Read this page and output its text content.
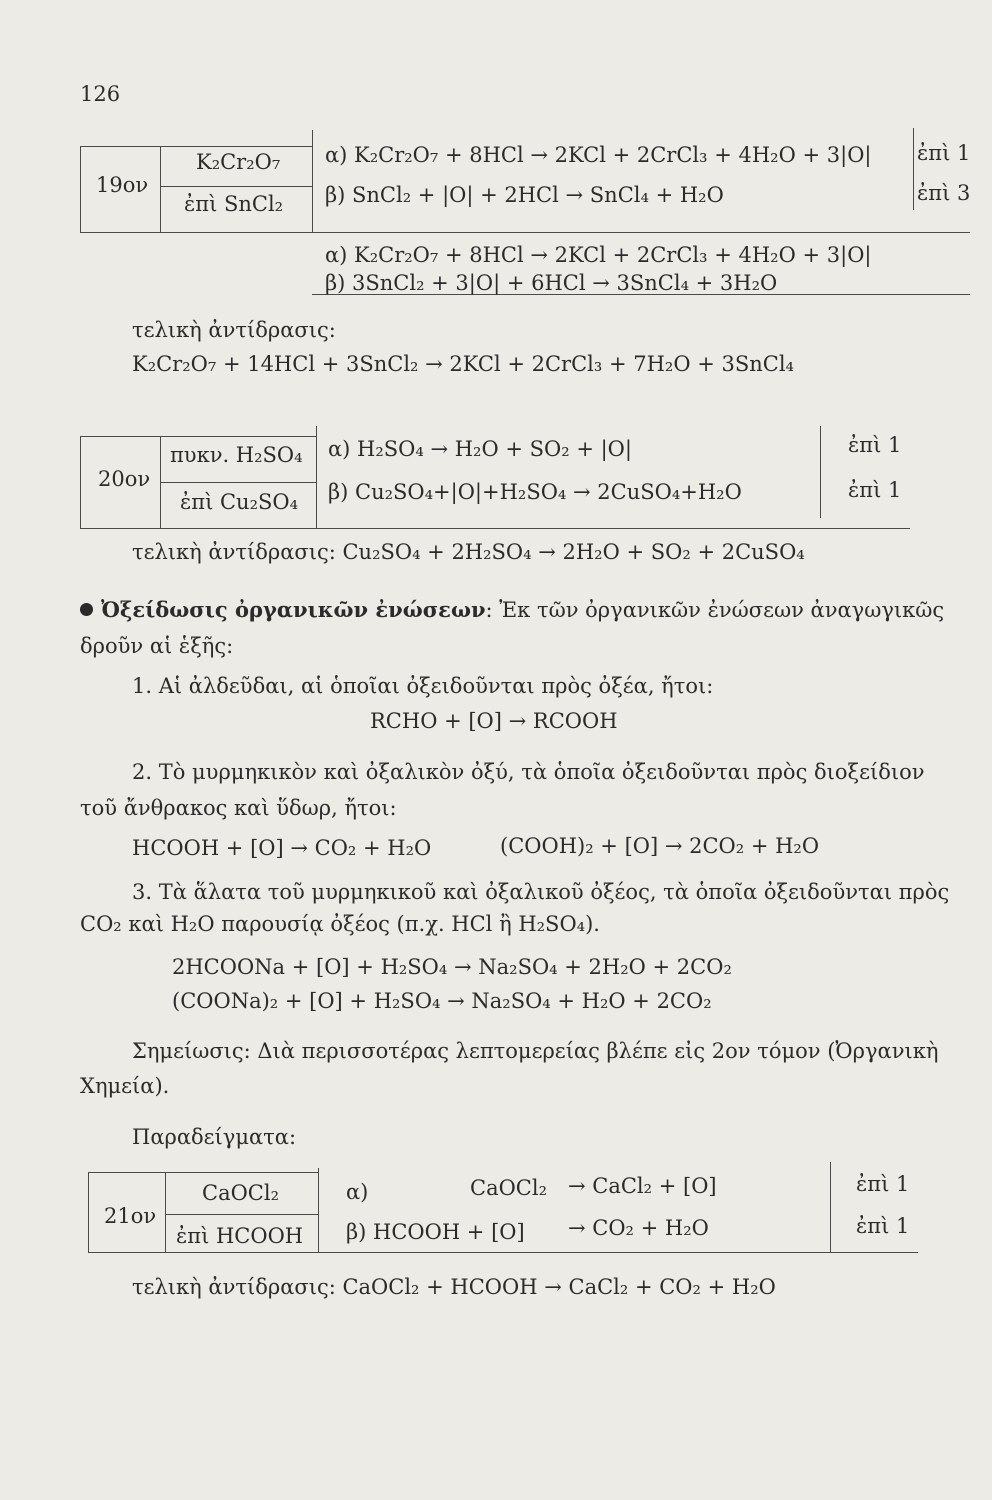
126
19ον
K₂Cr₂O₇
ἐπὶ SnCl₂
α) K₂Cr₂O₇ + 8HCl → 2KCl + 2CrCl₃ + 4H₂O + 3|O|
β) SnCl₂ + |O| + 2HCl → SnCl₄ + H₂O
ἐπὶ 1
ἐπὶ 3
α) K₂Cr₂O₇ + 8HCl → 2KCl + 2CrCl₃ + 4H₂O + 3|O|
β) 3SnCl₂ + 3|O| + 6HCl → 3SnCl₄ + 3H₂O
τελικὴ ἀντίδρασις:
K₂Cr₂O₇ + 14HCl + 3SnCl₂ → 2KCl + 2CrCl₃ + 7H₂O + 3SnCl₄
20ον
πυκν. H₂SO₄
ἐπὶ Cu₂SO₄
α) H₂SO₄ → H₂O + SO₂ + |O|
β) Cu₂SO₄+|O|+H₂SO₄ → 2CuSO₄+H₂O
ἐπὶ 1
ἐπὶ 1
τελικὴ ἀντίδρασις: Cu₂SO₄ + 2H₂SO₄ → 2H₂O + SO₂ + 2CuSO₄
Ὀξείδωσις ὀργανικῶν ἐνώσεων: Ἐκ τῶν ὀργανικῶν ἐνώσεων ἀναγωγικῶς
δροῦν αἱ ἑξῆς:
1. Αἱ ἀλδεῦδαι, αἱ ὁποῖαι ὀξειδοῦνται πρὸς ὀξέα, ἤτοι:
RCHO + [O] → RCOOH
2. Τὸ μυρμηκικὸν καὶ ὀξαλικὸν ὀξύ, τὰ ὁποῖα ὀξειδοῦνται πρὸς διοξείδιον
τοῦ ἄνθρακος καὶ ὕδωρ, ἤτοι:
HCOOH + [O] → CO₂ + H₂O	(COOH)₂ + [O] → 2CO₂ + H₂O
3. Τὰ ἅλατα τοῦ μυρμηκικοῦ καὶ ὀξαλικοῦ ὀξέος, τὰ ὁποῖα ὀξειδοῦνται πρὸς
CO₂ καὶ H₂O παρουσίᾳ ὀξέος (π.χ. HCl ἢ H₂SO₄).
2HCOONa + [O] + H₂SO₄ → Na₂SO₄ + 2H₂O + 2CO₂
(COONa)₂ + [O] + H₂SO₄ → Na₂SO₄ + H₂O + 2CO₂
Σημείωσις: Διὰ περισσοτέρας λεπτομερείας βλέπε εἰς 2ον τόμον (Ὀργανικὴ
Χημεία).
Παραδείγματα:
21ον
CaOCl₂
ἐπὶ HCOOH
α)	CaOCl₂ → CaCl₂ + [O]
β) HCOOH + [O] → CO₂ + H₂O
ἐπὶ 1
ἐπὶ 1
τελικὴ ἀντίδρασις: CaOCl₂ + HCOOH → CaCl₂ + CO₂ + H₂O
